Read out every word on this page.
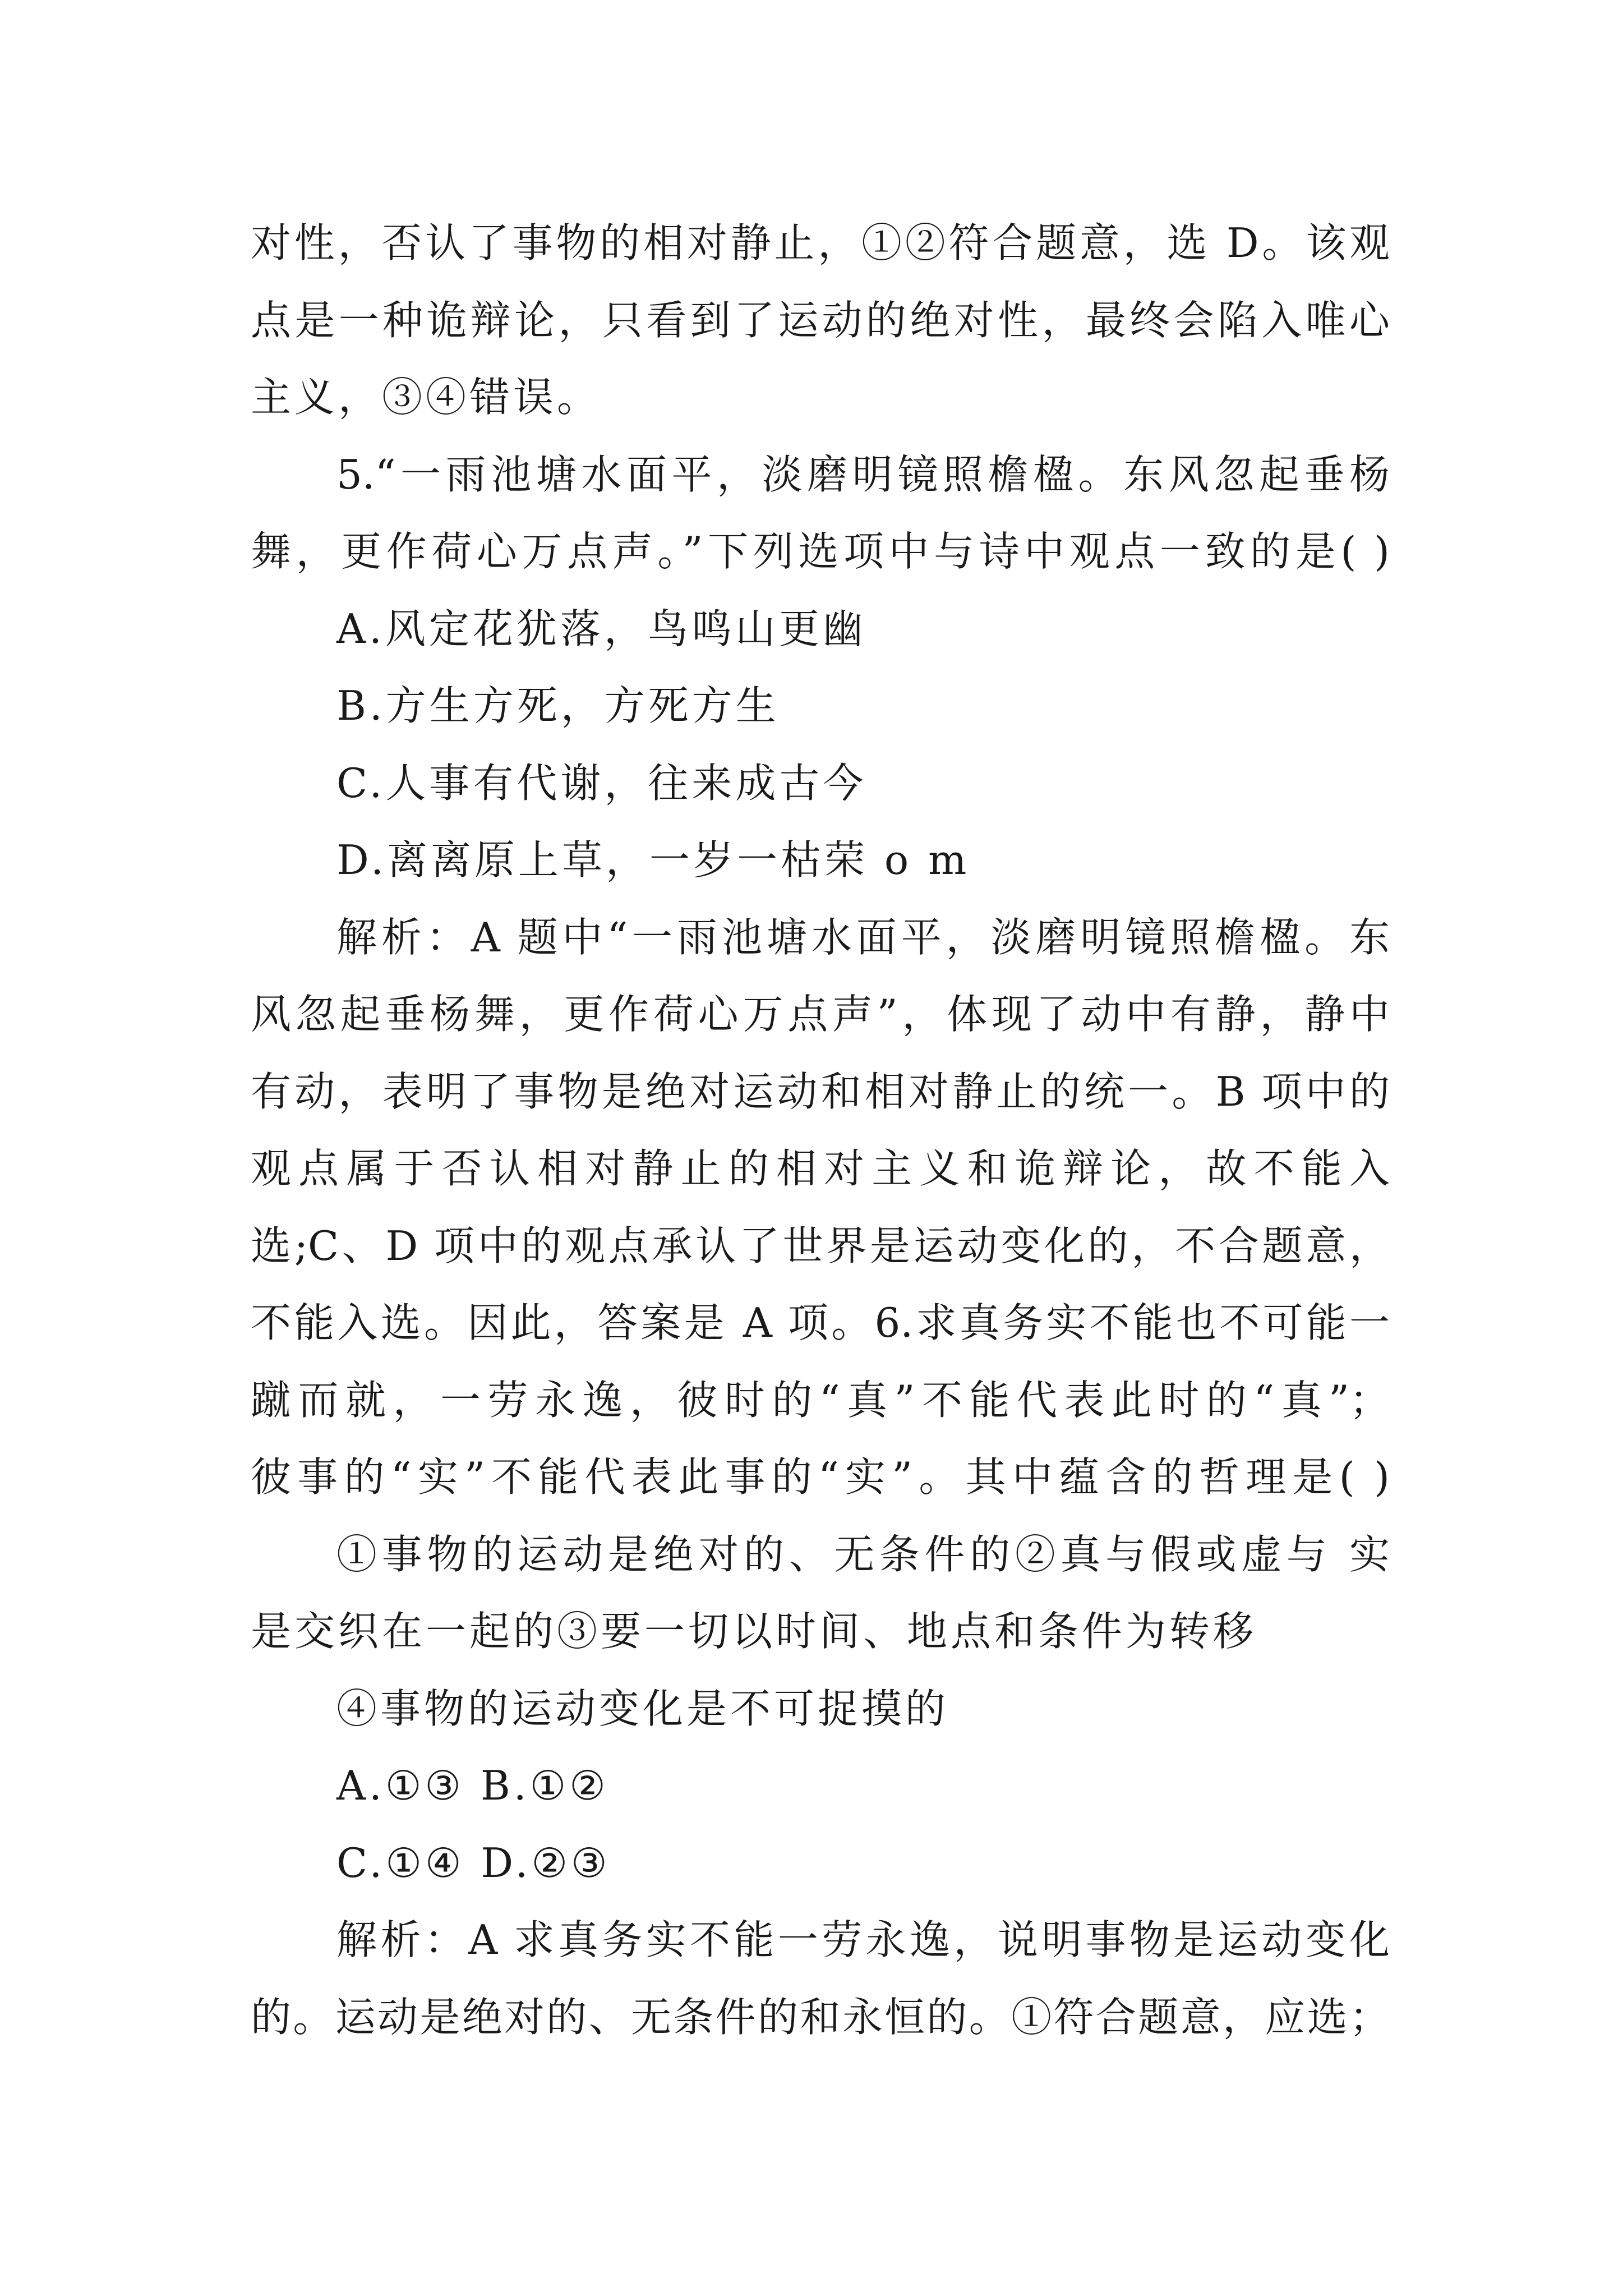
对性，否认了事物的相对静止，①②符合题意，选 D。该观
点是一种诡辩论，只看到了运动的绝对性，最终会陷入唯心
主义，③④错误。
5.“一雨池塘水面平，淡磨明镜照檐楹。东风忽起垂杨
舞，更作荷心万点声。”下列选项中与诗中观点一致的是( )
A.风定花犹落，鸟鸣山更幽
B.方生方死，方死方生
C.人事有代谢，往来成古今
D.离离原上草，一岁一枯荣 o m
解析：A 题中“一雨池塘水面平，淡磨明镜照檐楹。东
风忽起垂杨舞，更作荷心万点声”，体现了动中有静，静中
有动，表明了事物是绝对运动和相对静止的统一。B 项中的
观点属于否认相对静止的相对主义和诡辩论，故不能入
选;C、D 项中的观点承认了世界是运动变化的，不合题意，
不能入选。因此，答案是 A 项。6.求真务实不能也不可能一
蹴而就，一劳永逸，彼时的“真”不能代表此时的“真”；
彼事的“实”不能代表此事的“实”。其中蕴含的哲理是( )
①事物的运动是绝对的、无条件的②真与假或虚与 实
是交织在一起的③要一切以时间、地点和条件为转移
④事物的运动变化是不可捉摸的
A.①③ B.①②
C.①④ D.②③
解析：A 求真务实不能一劳永逸，说明事物是运动变化
的。运动是绝对的、无条件的和永恒的。①符合题意，应选；
